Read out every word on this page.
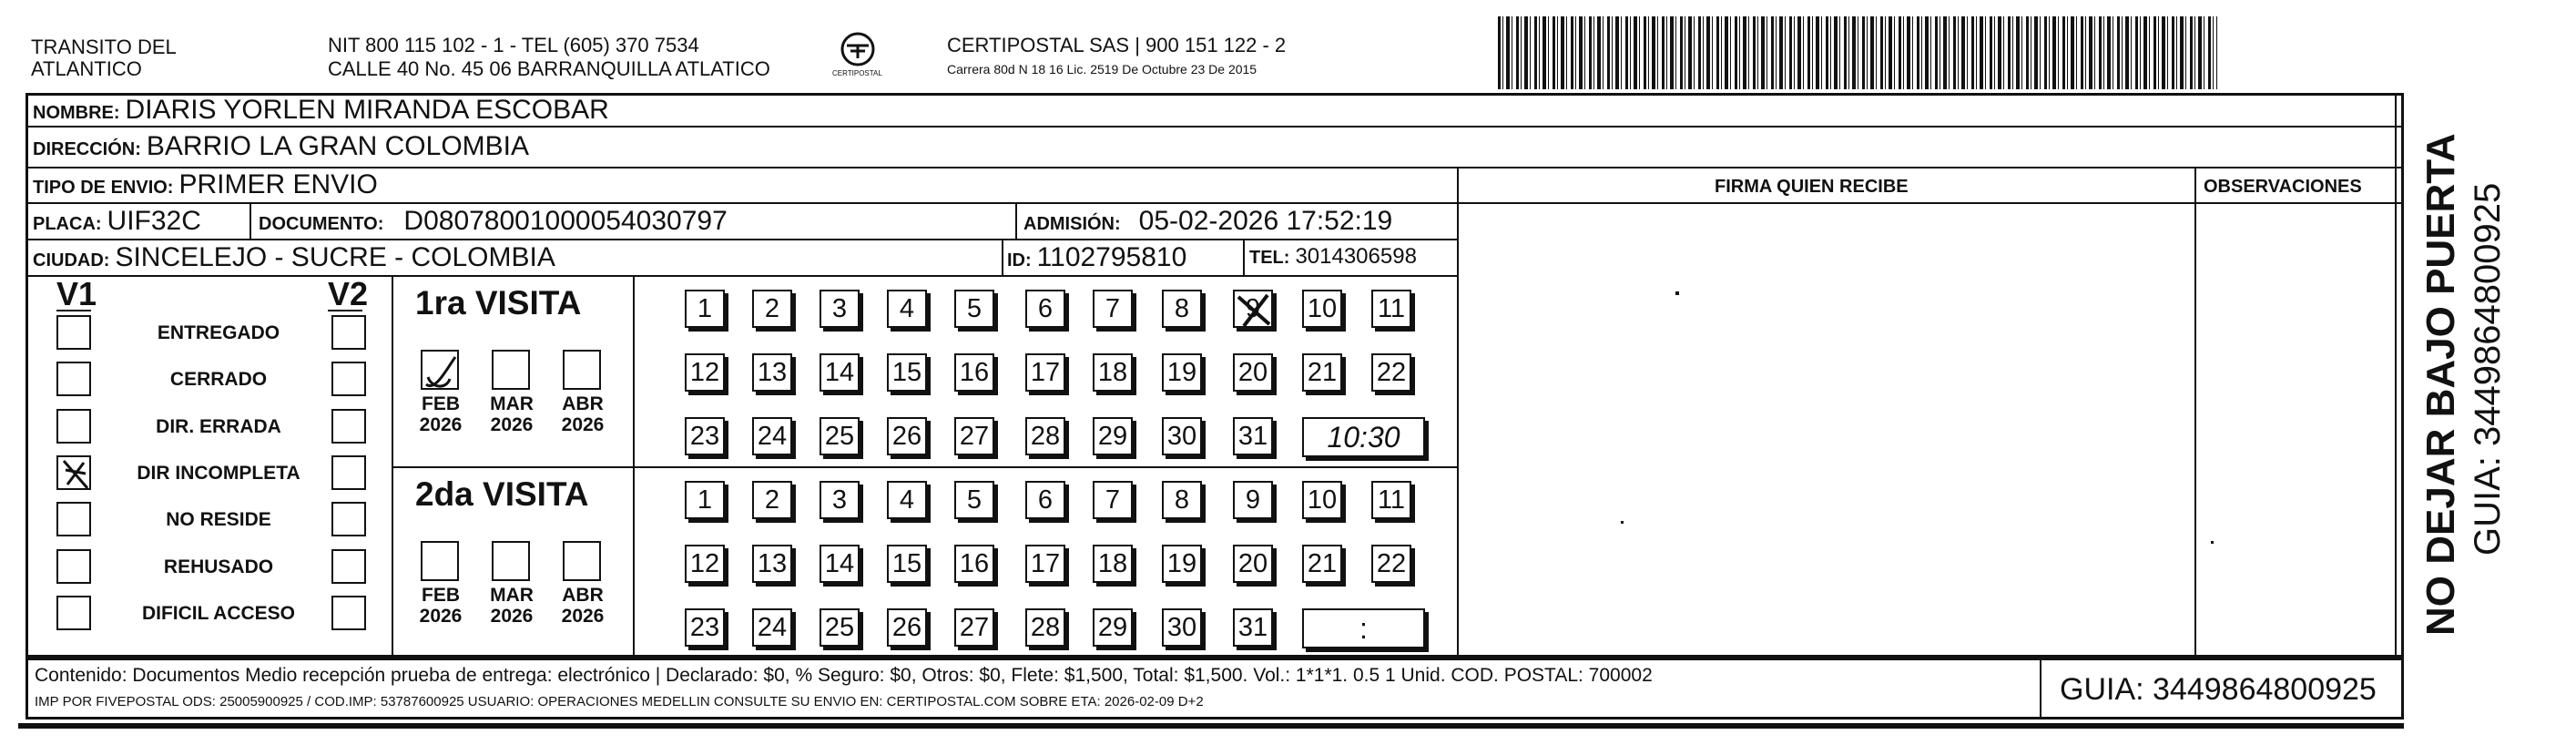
TRANSITO DEL
ATLANTICO
NIT 800 115 102 - 1 - TEL (605) 370 7534
CALLE 40 No. 45 06 BARRANQUILLA ATLATICO	CERTIPOSTAL
CERTIPOSTAL SAS | 900 151 122 - 2
Carrera 80d N 18 16 Lic. 2519 De Octubre 23 De 2015
FIRMA QUIEN RECIBE	OBSERVACIONES
NOMBRE: DIARIS YORLEN MIRANDA ESCOBAR
DIRECCIÓN: BARRIO LA GRAN COLOMBIA
TIPO DE ENVIO: PRIMER ENVIO
PLACA: UIF32C	DOCUMENTO: D08078001000054030797	ADMISIÓN: 05-02-2026 17:52:19
CIUDAD: SINCELEJO - SUCRE - COLOMBIA	ID: 1102795810	TEL: 3014306598
V1	V2
ENTREGADO
CERRADO
DIR. ERRADA
DIR INCOMPLETA
NO RESIDE
REHUSADO
DIFICIL ACCESO
1ra VISITA
FEB
2026
MAR
2026
ABR
2026
1	2	3	4	5	6	7	8	9	10 11
12 13 14 15 16 17 18 19 20 21 22
23 24 25 26 27 28 29 30 31	10:30
2da VISITA
FEB
2026
MAR
2026
ABR
2026
1	2	3	4	5	6	7	8	9	10 11
12 13 14 15 16 17 18 19 20 21 22
23 24 25 26 27 28 29 30 31	:
Contenido: Documentos Medio recepción prueba de entrega: electrónico | Declarado: $0, % Seguro: $0, Otros: $0, Flete: $1,500, Total: $1,500. Vol.: 1*1*1. 0.5 1 Unid. COD. POSTAL: 700002
IMP POR FIVEPOSTAL ODS: 25005900925 / COD.IMP: 53787600925 USUARIO: OPERACIONES MEDELLIN CONSULTE SU ENVIO EN: CERTIPOSTAL.COM SOBRE ETA: 2026-02-09 D+2	GUIA: 3449864800925
NO DEJAR BAJO PUERTA GUIA: 3449864800925
